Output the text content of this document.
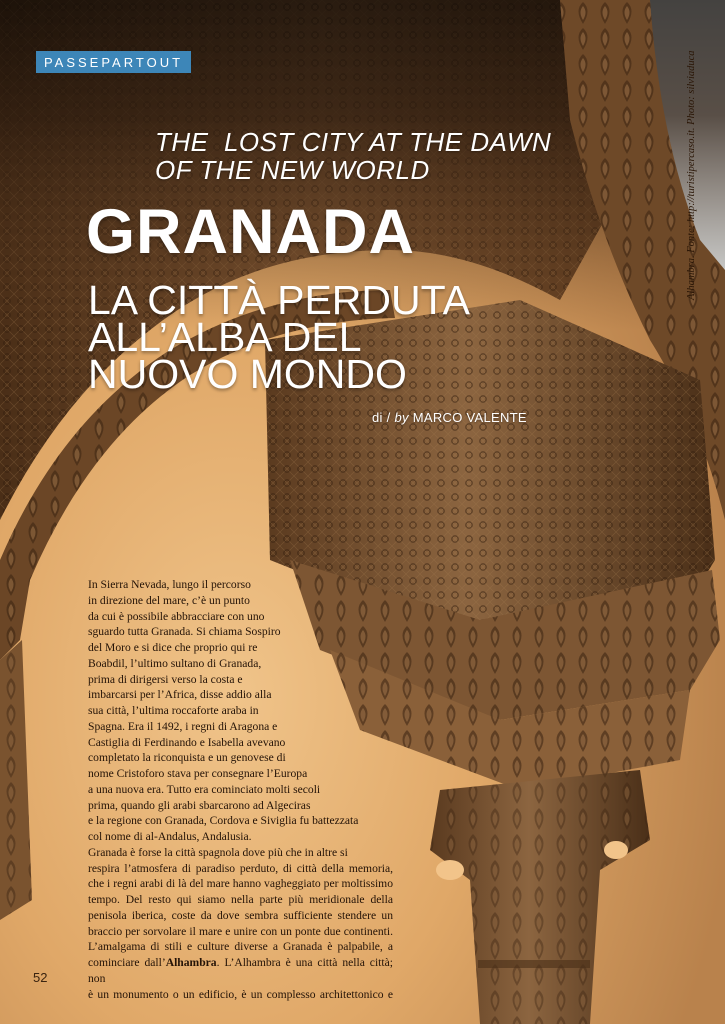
PASSEPARTOUT
THE  LOST CITY AT THE DAWN
OF THE NEW WORLD
GRANADA
LA CITTÀ PERDUTA
ALL’ALBA DEL
NUOVO MONDO
di / by MARCO VALENTE
Alhambra. Fonte: http://turisti​percaso.it. Photo: silviaduca
In Sierra Nevada, lungo il percorso
in direzione del mare, c’è un punto
da cui è possibile abbracciare con uno
sguardo tutta Granada. Si chiama Sospiro
del Moro e si dice che proprio qui re
Boabdil, l’ultimo sultano di Granada,
prima di dirigersi verso la costa e
imbarcarsi per l’Africa, disse addio alla
sua città, l’ultima roccaforte araba in
Spagna. Era il 1492, i regni di Aragona e
Castiglia di Ferdinando e Isabella avevano
completato la riconquista e un genovese di
nome Cristoforo stava per consegnare l’Europa
a una nuova era. Tutto era cominciato molti secoli
prima, quando gli arabi sbarcarono ad Algeciras
e la regione con Granada, Cordova e Siviglia fu battezzata
col nome di al-Andalus, Andalusia.
Granada è forse la città spagnola dove più che in altre si
respira l’atmosfera di paradiso perduto, di città della memoria,
che i regni arabi di là del mare hanno vagheggiato per moltissimo
tempo. Del resto qui siamo nella parte più meridionale della
penisola iberica, coste da dove sembra sufficiente stendere un
braccio per sorvolare il mare e unire con un ponte due continenti.
L’amalgama di stili e culture diverse a Granada è palpabile, a
cominciare dall’Alhambra. L’Alhambra è una città nella città; non
è un monumento o un edificio, è un complesso architettonico e
52
